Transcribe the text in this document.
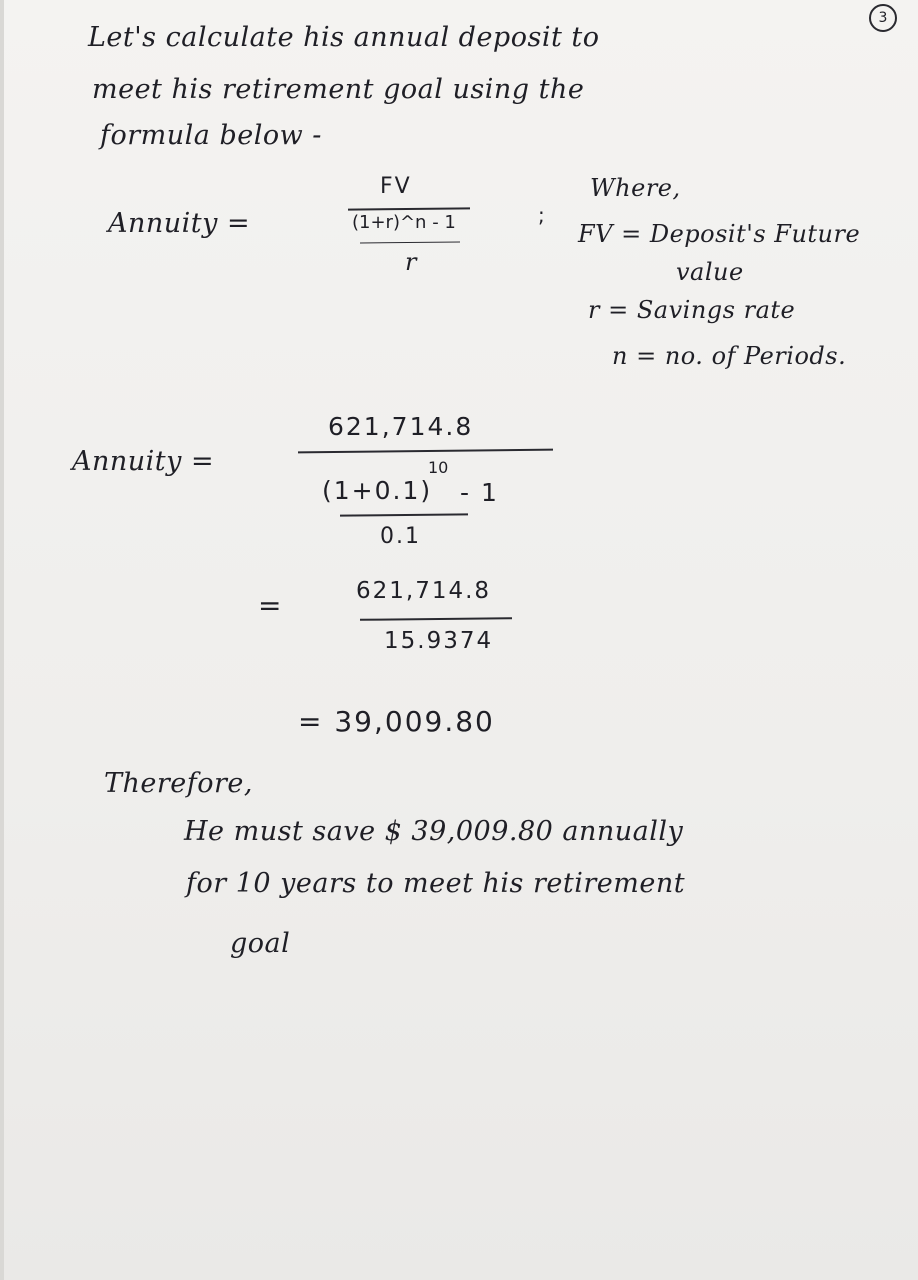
3
Let's calculate his annual deposit to
meet his retirement goal using the
formula below -
Annuity =
FV
(1+r)^n - 1
r
;
Where,
FV = Deposit's Future
value
r = Savings rate
n = no. of Periods.
Annuity =
621,714.8
(1+0.1)
10
- 1
0.1
=	621,714.8
15.9374
= 39,009.80
Therefore,
He must save $ 39,009.80 annually
for 10 years to meet his retirement
goal
